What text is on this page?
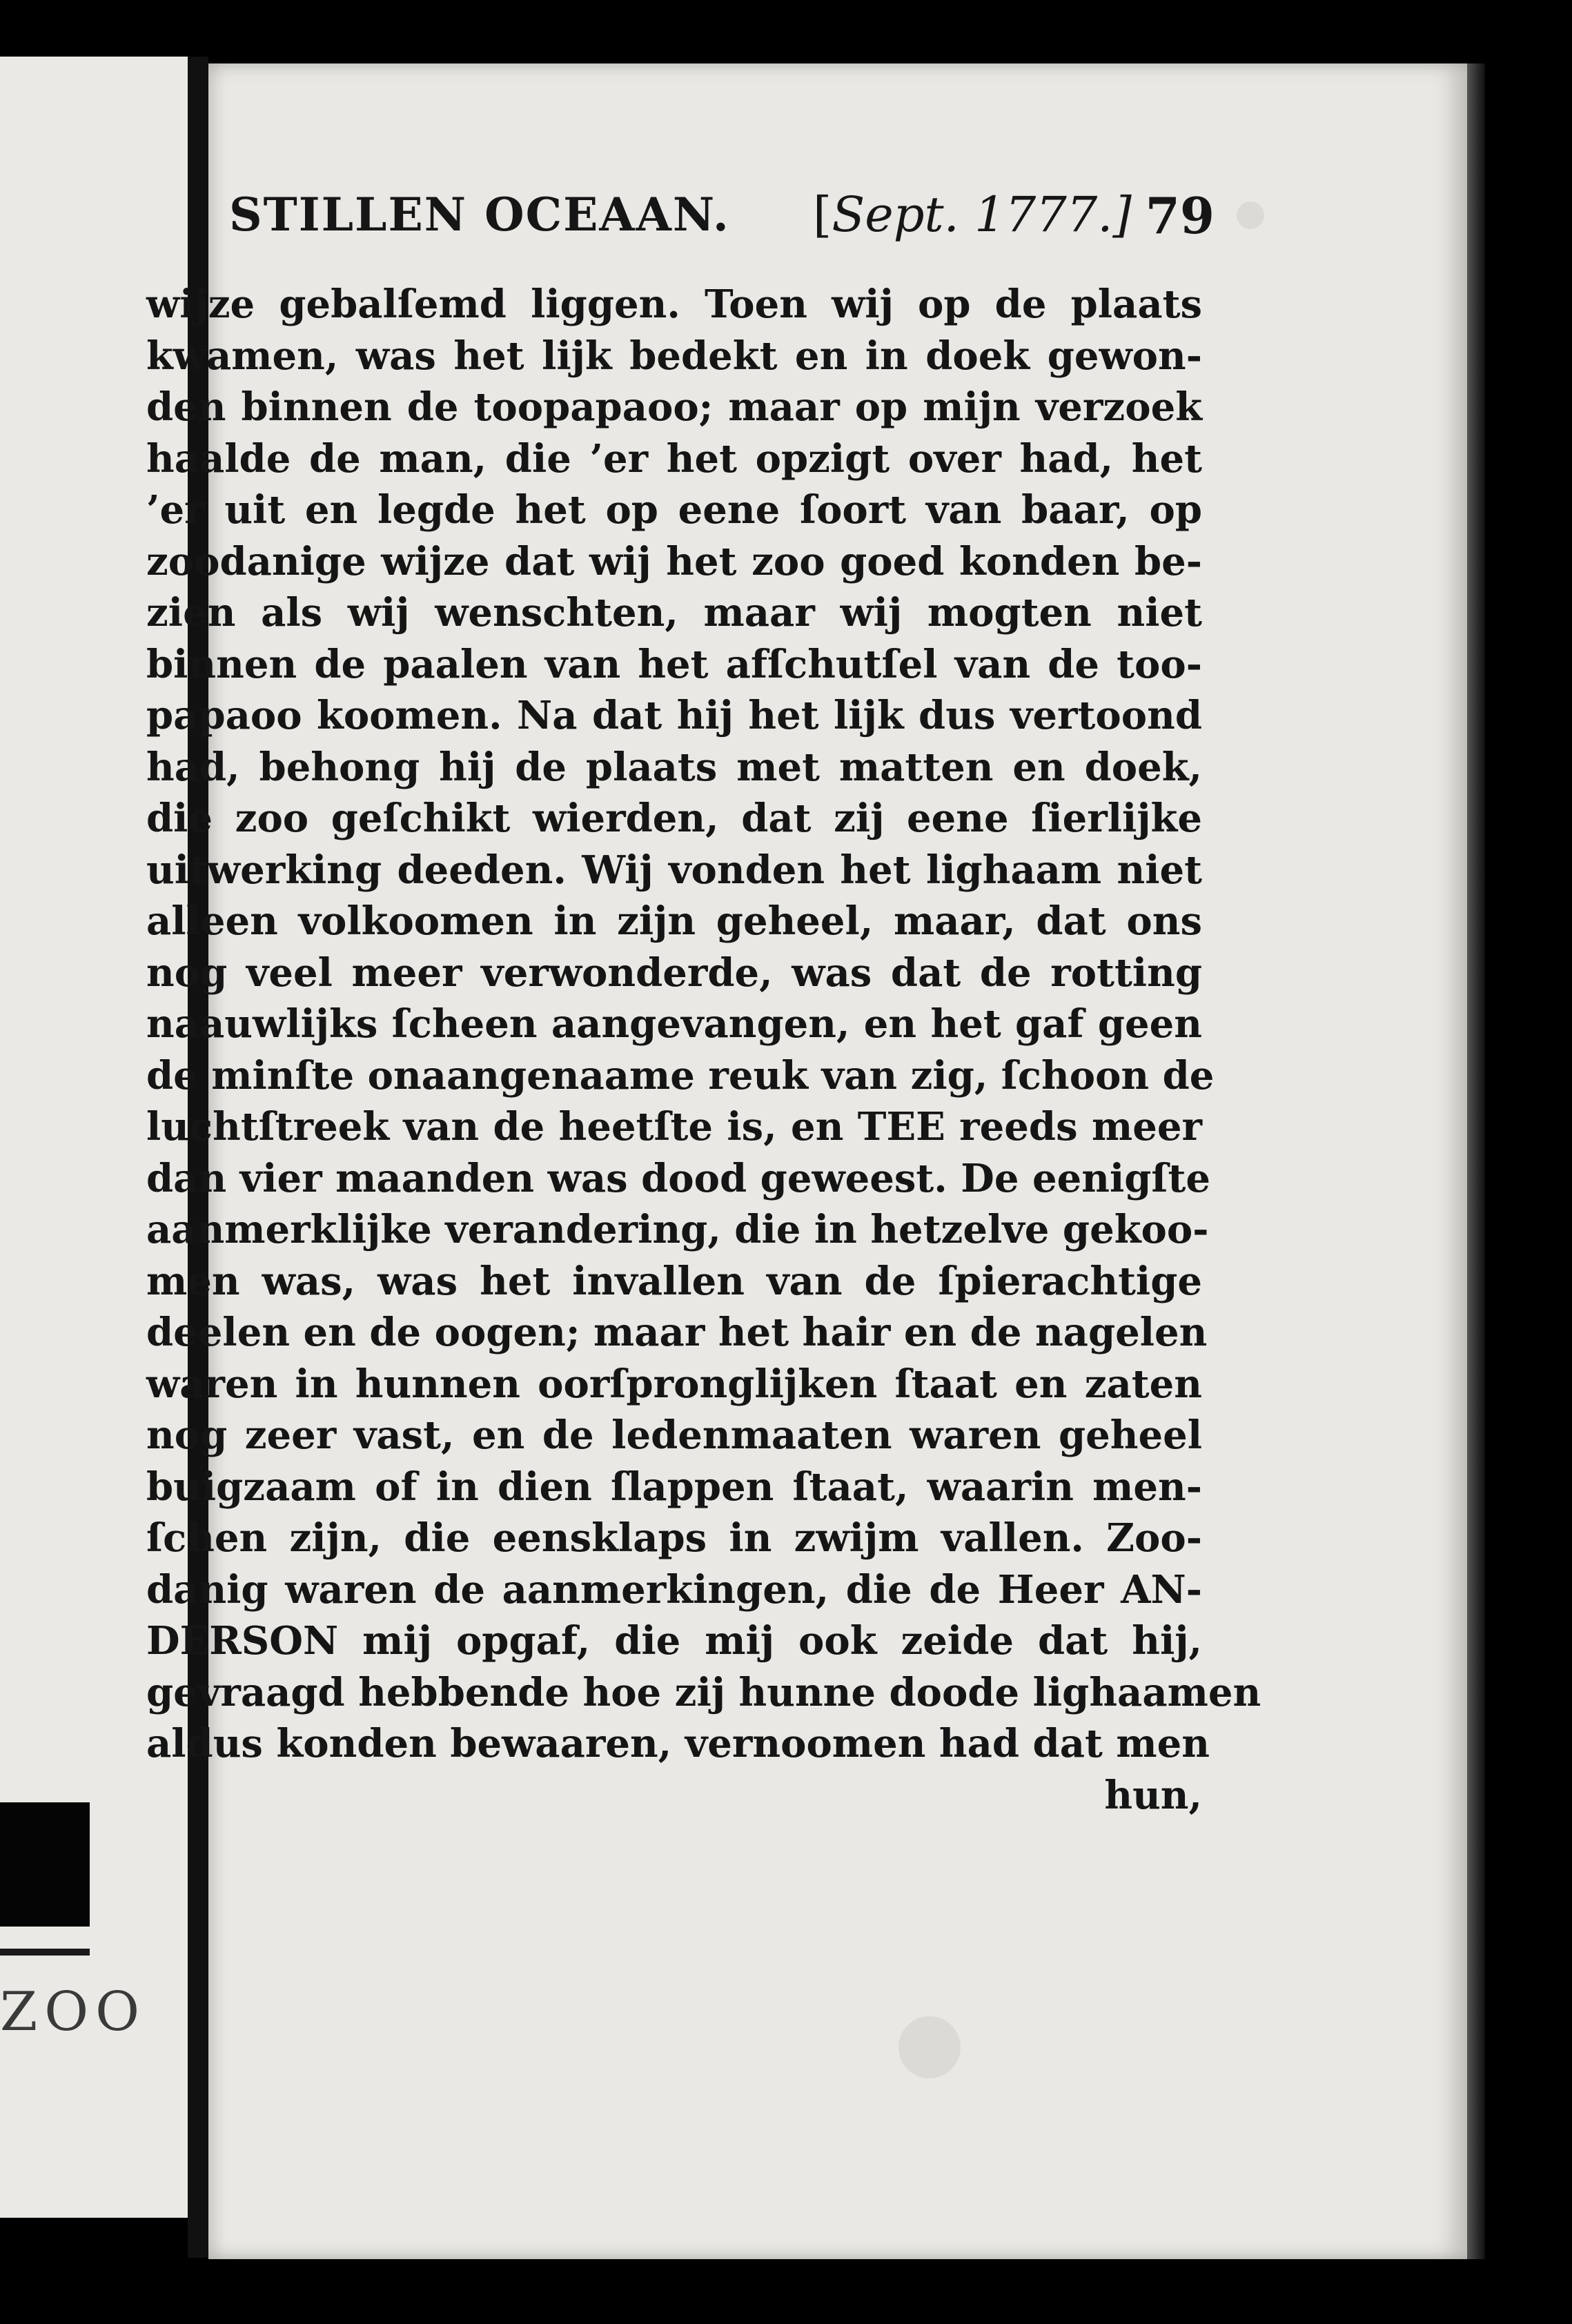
ZOO
STILLEN OCEAAN. [Sept. 1777.] 79
wijze gebalſemd liggen. Toen wij op de plaats
kwamen, was het lijk bedekt en in doek gewon-
den binnen de toopapaoo; maar op mijn verzoek
haalde de man, die ’er het opzigt over had, het
’er uit en legde het op eene ſoort van baar, op
zoodanige wijze dat wij het zoo goed konden be-
zien als wij wenschten, maar wij mogten niet
binnen de paalen van het afſchutſel van de too-
papaoo koomen. Na dat hij het lijk dus vertoond
had, behong hij de plaats met matten en doek,
die zoo geſchikt wierden, dat zij eene ſierlijke
uitwerking deeden. Wij vonden het lighaam niet
alleen volkoomen in zijn geheel, maar, dat ons
nog veel meer verwonderde, was dat de rotting
naauwlijks ſcheen aangevangen, en het gaf geen
de minſte onaangenaame reuk van zig, ſchoon de
luchtſtreek van de heetſte is, en TEE reeds meer
dan vier maanden was dood geweest. De eenigſte
aanmerklijke verandering, die in hetzelve gekoo-
men was, was het invallen van de ſpierachtige
deelen en de oogen; maar het hair en de nagelen
waren in hunnen oorſpronglijken ſtaat en zaten
nog zeer vast, en de ledenmaaten waren geheel
buigzaam of in dien ſlappen ſtaat, waarin men-
ſchen zijn, die eensklaps in zwijm vallen. Zoo-
danig waren de aanmerkingen, die de Heer AN-
DERSON mij opgaf, die mij ook zeide dat hij,
gevraagd hebbende hoe zij hunne doode lighaamen
aldus konden bewaaren, vernoomen had dat men
hun,
